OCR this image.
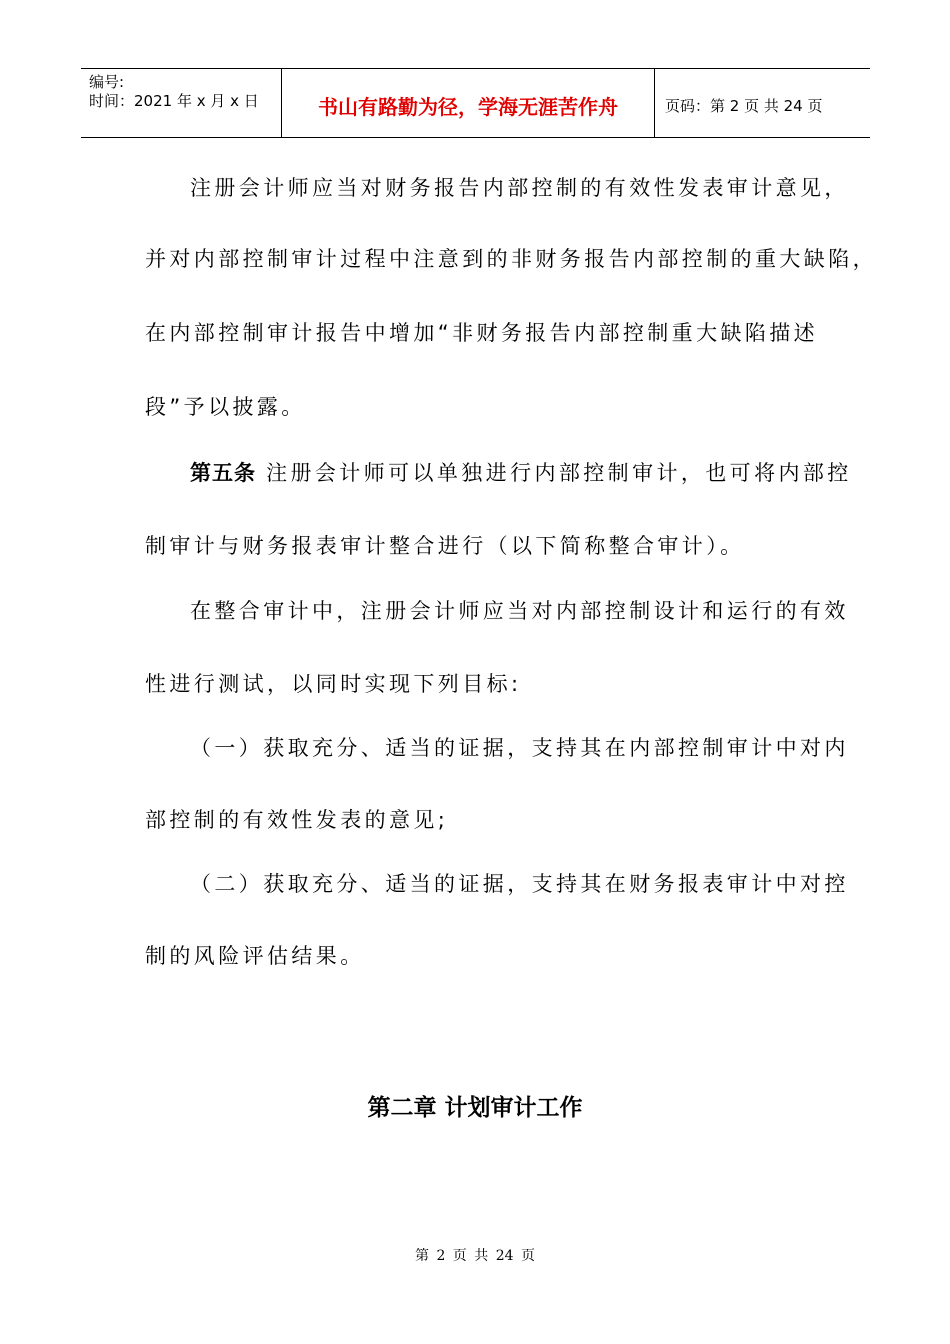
编号:
时间：2021 年 x 月 x 日	书山有路勤为径，学海无涯苦作舟	页码：第 2 页 共 24 页
注册会计师应当对财务报告内部控制的有效性发表审计意见，
并对内部控制审计过程中注意到的非财务报告内部控制的重大缺陷，
在内部控制审计报告中增加“非财务报告内部控制重大缺陷描述
段”予以披露。
第五条 注册会计师可以单独进行内部控制审计，也可将内部控
制审计与财务报表审计整合进行（以下简称整合审计）。
在整合审计中，注册会计师应当对内部控制设计和运行的有效
性进行测试，以同时实现下列目标:
（一）获取充分、适当的证据，支持其在内部控制审计中对内
部控制的有效性发表的意见;
（二）获取充分、适当的证据，支持其在财务报表审计中对控
制的风险评估结果。
第二章 计划审计工作
第 2 页 共 24 页
